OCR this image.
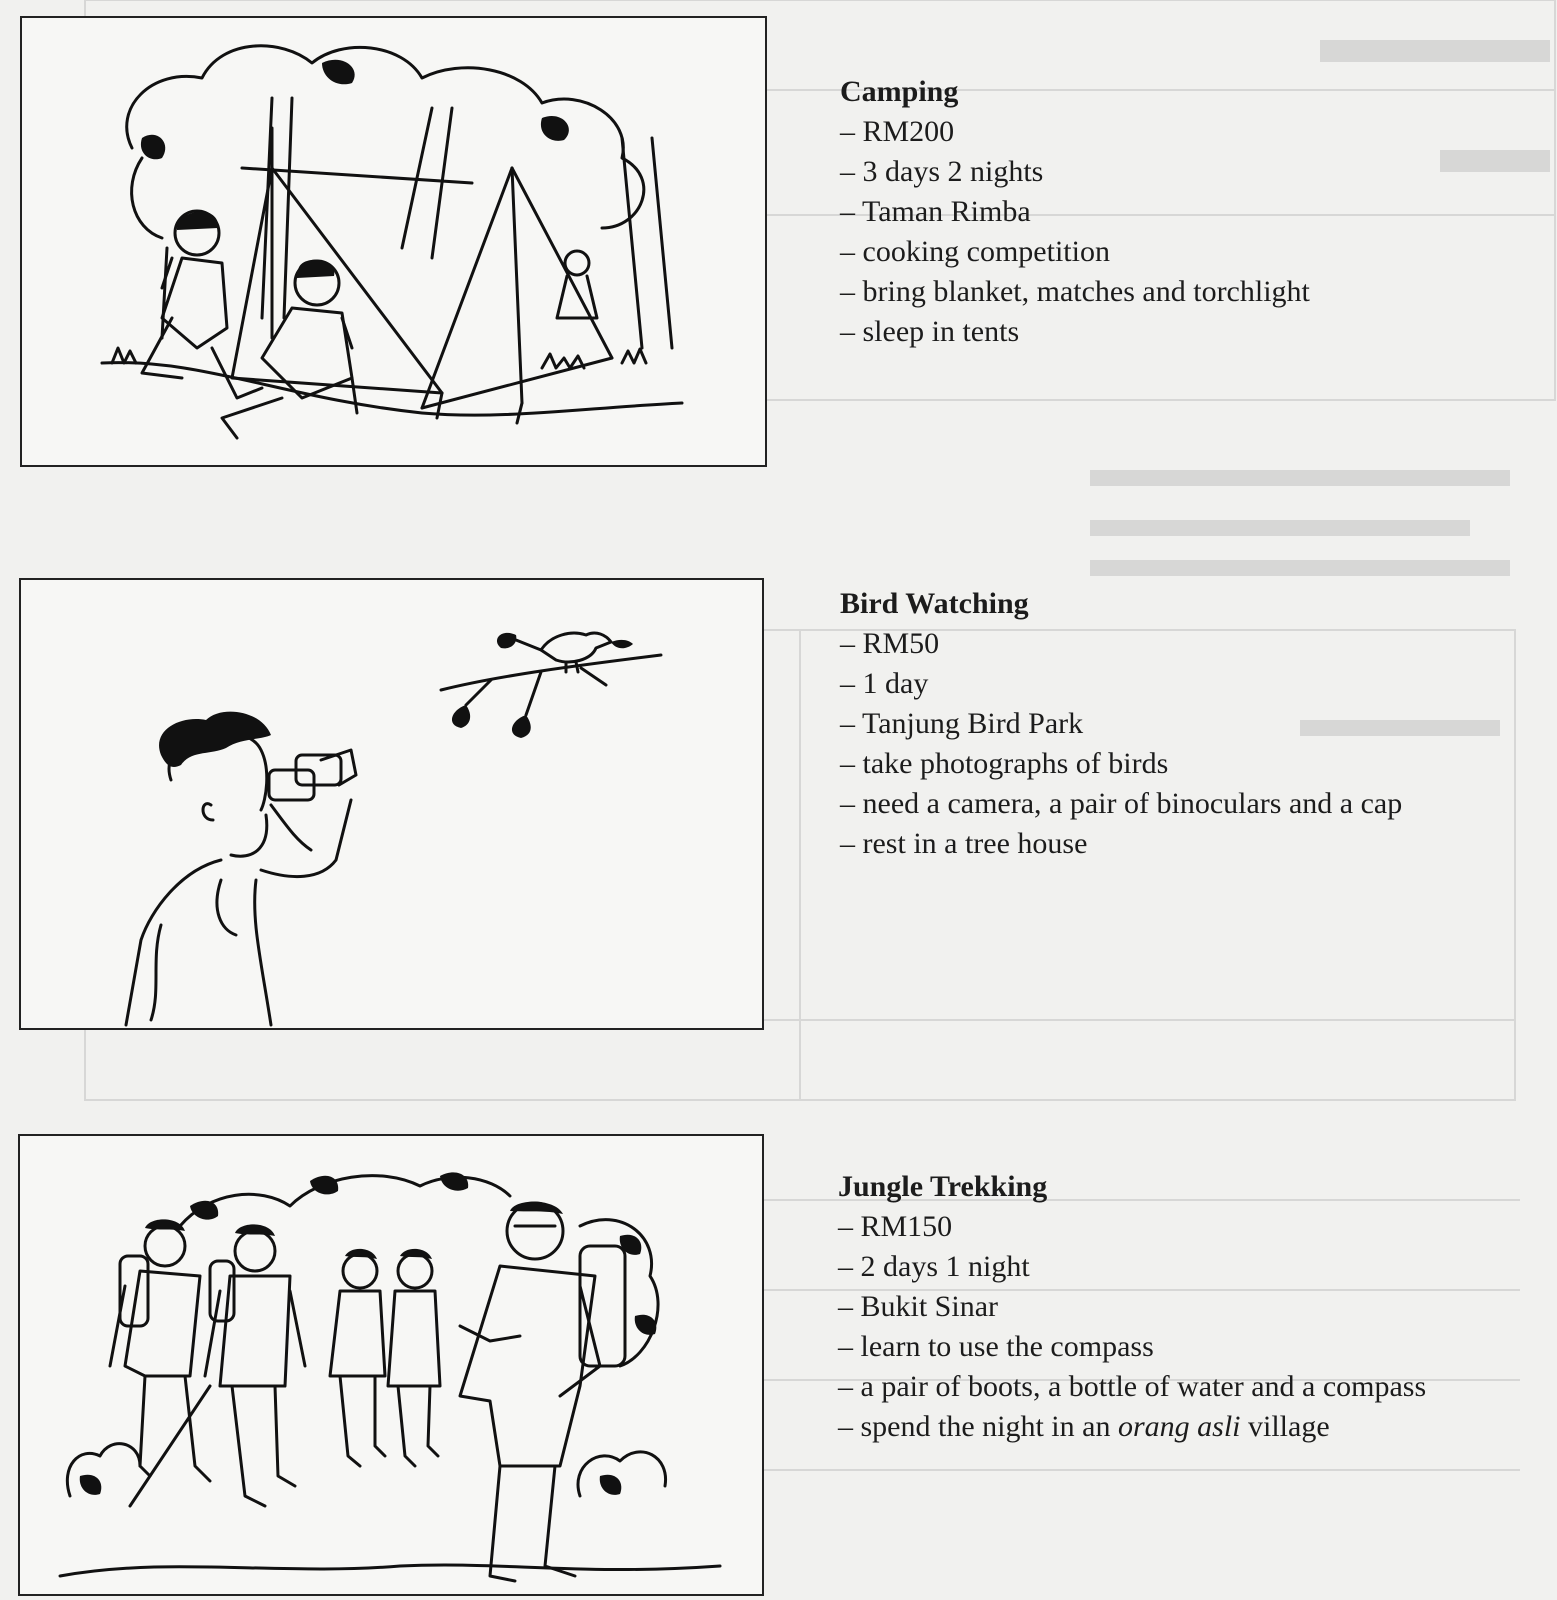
Camping
– RM200
– 3 days 2 nights
– Taman Rimba
– cooking competition
– bring blanket, matches and torchlight
– sleep in tents
Bird Watching
– RM50
– 1 day
– Tanjung Bird Park
– take photographs of birds
– need a camera, a pair of binoculars and a cap
– rest in a tree house
Jungle Trekking
– RM150
– 2 days 1 night
– Bukit Sinar
– learn to use the compass
– a pair of boots, a bottle of water and a compass
– spend the night in an orang asli village
